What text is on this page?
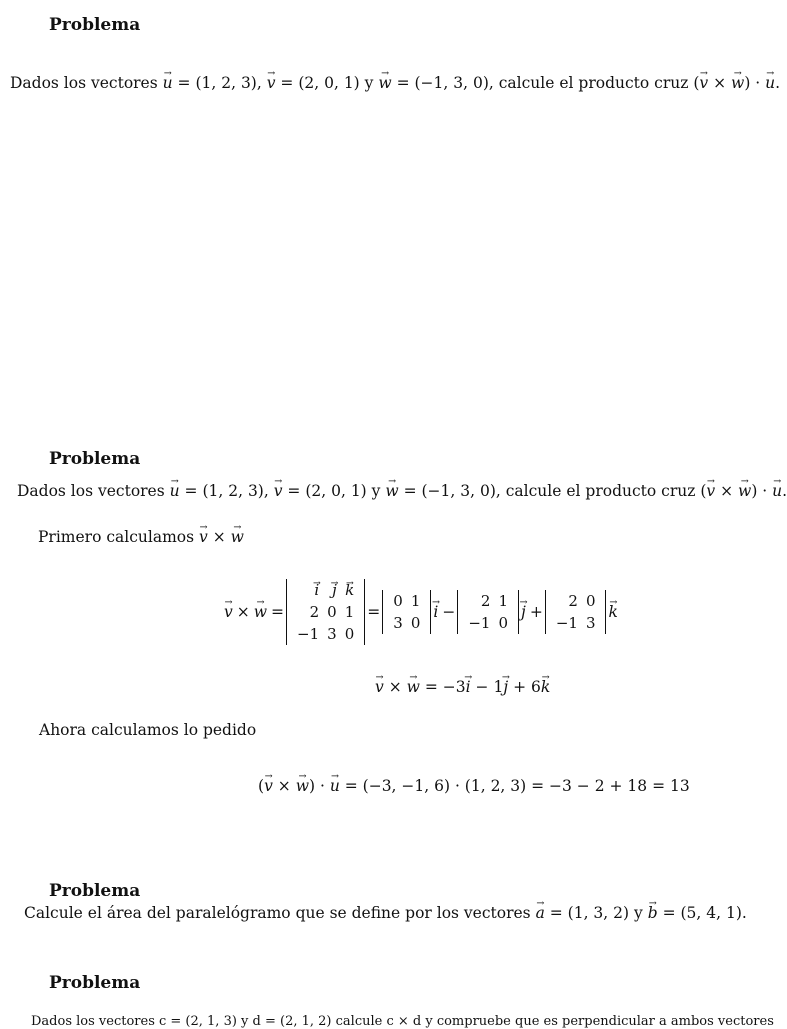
Problema
Dados los vectores → u = (1, 2, 3), → v = (2, 0, 1) y → w = (−1, 3, 0), calcule el producto cruz (→ v × → w) · → u.
Problema
Dados los vectores → u = (1, 2, 3), → v = (2, 0, 1) y → w = (−1, 3, 0), calcule el producto cruz (→ v × → w) · → u.
Primero calculamos → v × → w
→ v × → w =
→ i	→ j	→ k
2	0	1
−1	3	0
=
0	1
3	0
→ i −
2	1
−1	0
→ j +
2	0
−1	3
→ k
→ v × → w = −3→ i − 1→ j + 6→ k
Ahora calculamos lo pedido
(→ v × → w) · → u = (−3, −1, 6) · (1, 2, 3) = −3 − 2 + 18 = 13
Problema
Calcule el área del paralelógramo que se define por los vectores → a = (1, 3, 2) y → b = (5, 4, 1).
Problema
Dados los vectores c = (2, 1, 3) y d = (2, 1, 2) calcule c × d y compruebe que es perpendicular a ambos vectores
